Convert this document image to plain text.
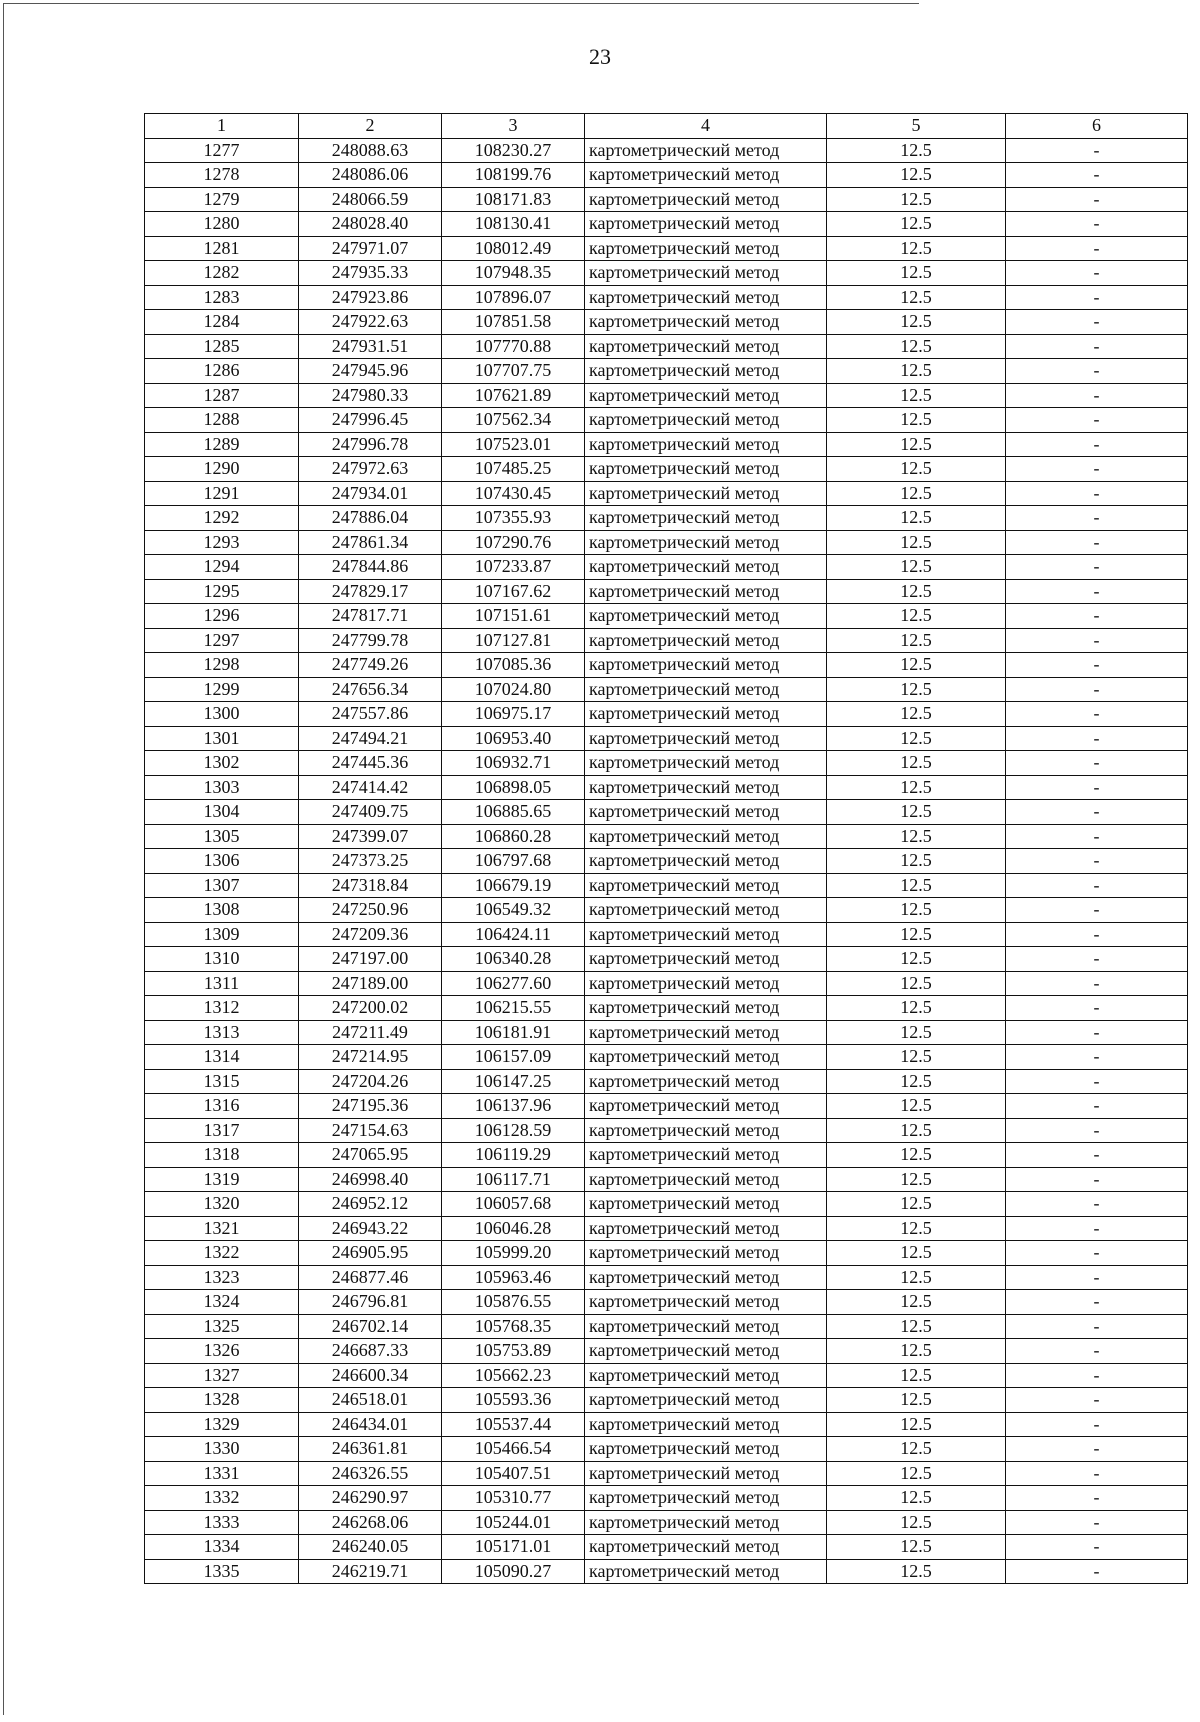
23
1	2	3	4	5	6
1277	248088.63	108230.27	картометрический метод	12.5	-
1278	248086.06	108199.76	картометрический метод	12.5	-
1279	248066.59	108171.83	картометрический метод	12.5	-
1280	248028.40	108130.41	картометрический метод	12.5	-
1281	247971.07	108012.49	картометрический метод	12.5	-
1282	247935.33	107948.35	картометрический метод	12.5	-
1283	247923.86	107896.07	картометрический метод	12.5	-
1284	247922.63	107851.58	картометрический метод	12.5	-
1285	247931.51	107770.88	картометрический метод	12.5	-
1286	247945.96	107707.75	картометрический метод	12.5	-
1287	247980.33	107621.89	картометрический метод	12.5	-
1288	247996.45	107562.34	картометрический метод	12.5	-
1289	247996.78	107523.01	картометрический метод	12.5	-
1290	247972.63	107485.25	картометрический метод	12.5	-
1291	247934.01	107430.45	картометрический метод	12.5	-
1292	247886.04	107355.93	картометрический метод	12.5	-
1293	247861.34	107290.76	картометрический метод	12.5	-
1294	247844.86	107233.87	картометрический метод	12.5	-
1295	247829.17	107167.62	картометрический метод	12.5	-
1296	247817.71	107151.61	картометрический метод	12.5	-
1297	247799.78	107127.81	картометрический метод	12.5	-
1298	247749.26	107085.36	картометрический метод	12.5	-
1299	247656.34	107024.80	картометрический метод	12.5	-
1300	247557.86	106975.17	картометрический метод	12.5	-
1301	247494.21	106953.40	картометрический метод	12.5	-
1302	247445.36	106932.71	картометрический метод	12.5	-
1303	247414.42	106898.05	картометрический метод	12.5	-
1304	247409.75	106885.65	картометрический метод	12.5	-
1305	247399.07	106860.28	картометрический метод	12.5	-
1306	247373.25	106797.68	картометрический метод	12.5	-
1307	247318.84	106679.19	картометрический метод	12.5	-
1308	247250.96	106549.32	картометрический метод	12.5	-
1309	247209.36	106424.11	картометрический метод	12.5	-
1310	247197.00	106340.28	картометрический метод	12.5	-
1311	247189.00	106277.60	картометрический метод	12.5	-
1312	247200.02	106215.55	картометрический метод	12.5	-
1313	247211.49	106181.91	картометрический метод	12.5	-
1314	247214.95	106157.09	картометрический метод	12.5	-
1315	247204.26	106147.25	картометрический метод	12.5	-
1316	247195.36	106137.96	картометрический метод	12.5	-
1317	247154.63	106128.59	картометрический метод	12.5	-
1318	247065.95	106119.29	картометрический метод	12.5	-
1319	246998.40	106117.71	картометрический метод	12.5	-
1320	246952.12	106057.68	картометрический метод	12.5	-
1321	246943.22	106046.28	картометрический метод	12.5	-
1322	246905.95	105999.20	картометрический метод	12.5	-
1323	246877.46	105963.46	картометрический метод	12.5	-
1324	246796.81	105876.55	картометрический метод	12.5	-
1325	246702.14	105768.35	картометрический метод	12.5	-
1326	246687.33	105753.89	картометрический метод	12.5	-
1327	246600.34	105662.23	картометрический метод	12.5	-
1328	246518.01	105593.36	картометрический метод	12.5	-
1329	246434.01	105537.44	картометрический метод	12.5	-
1330	246361.81	105466.54	картометрический метод	12.5	-
1331	246326.55	105407.51	картометрический метод	12.5	-
1332	246290.97	105310.77	картометрический метод	12.5	-
1333	246268.06	105244.01	картометрический метод	12.5	-
1334	246240.05	105171.01	картометрический метод	12.5	-
1335	246219.71	105090.27	картометрический метод	12.5	-
